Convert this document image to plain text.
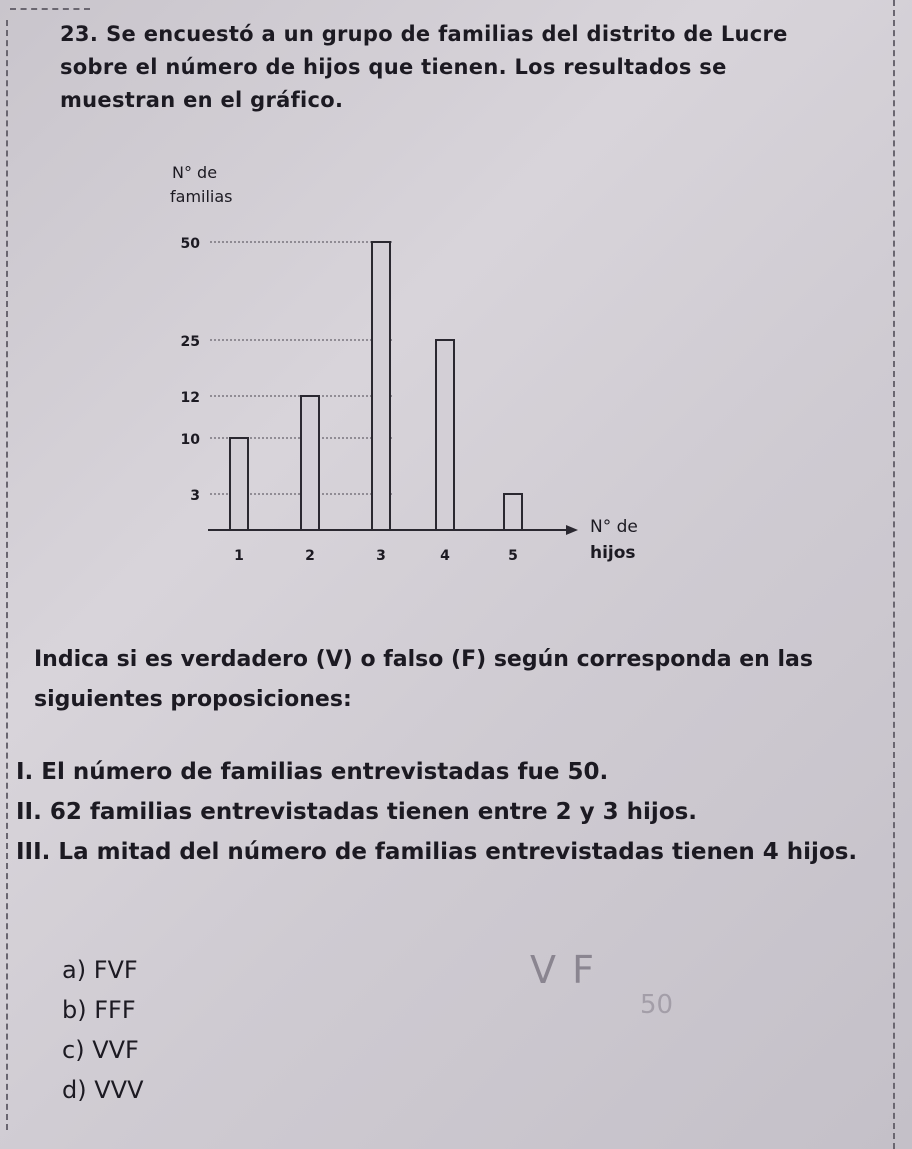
23. Se encuestó a un grupo de familias del distrito de Lucre sobre el número de hijos que tienen. Los resultados se muestran en el gráfico.
50
25
12
10
3
1	2	3	4	5
N° de
familias
N° de
hijos
Indica si es verdadero (V) o falso (F) según corresponda en las siguientes proposiciones:
I. El número de familias entrevistadas fue 50.
II. 62 familias entrevistadas tienen entre 2 y 3 hijos.
III. La mitad del número de familias entrevistadas tienen 4 hijos.
a) FVF
b) FFF
c) VVF
d) VVV
V F
50
